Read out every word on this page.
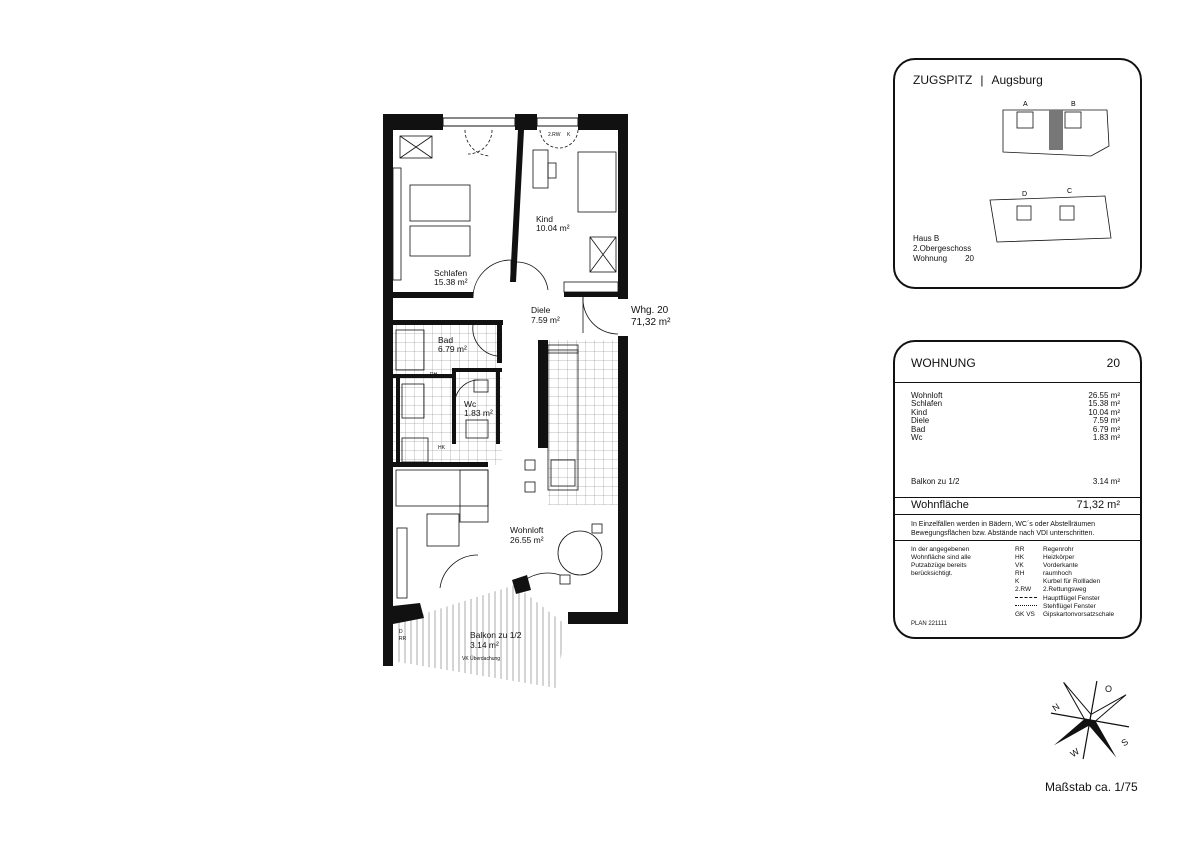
Kind
10.04 m²
Schlafen
15.38 m²
Diele
7.59 m²
Bad
6.79 m²
Wc
1.83 m²
Wohnloft
26.55 m²
Balkon zu 1/2
3.14 m²
Whg. 20
71,32 m²
2.RW K
RH
HK
D
RR
VK Überdachung
N
O
S
W
ZUGSPITZ | Augsburg
A	B
D	C
Haus B
2.Obergeschoss
Wohnung 20
WOHNUNG	20
Wohnloft	26.55 m²
Schlafen	15.38 m²
Kind	10.04 m²
Diele	7.59 m²
Bad	6.79 m²
Wc	1.83 m²
Balkon zu 1/2	3.14 m²
Wohnfläche	71,32 m²
In Einzelfällen werden in Bädern, WC´s oder Abstellräumen Bewegungsflächen bzw. Abstände nach VDI unterschritten.
In der angegebenen Wohnfläche sind alle Putzabzüge bereits berücksichtigt.
RR	Regenrohr
HK	Heizkörper
VK	Vorderkante
RH	raumhoch
K	Kurbel für Rollladen
2.RW	2.Rettungsweg
Hauptflügel Fenster
Stehflügel Fenster
GK VS	Gipskartonvorsatzschale
PLAN 221111
Maßstab ca. 1/75
